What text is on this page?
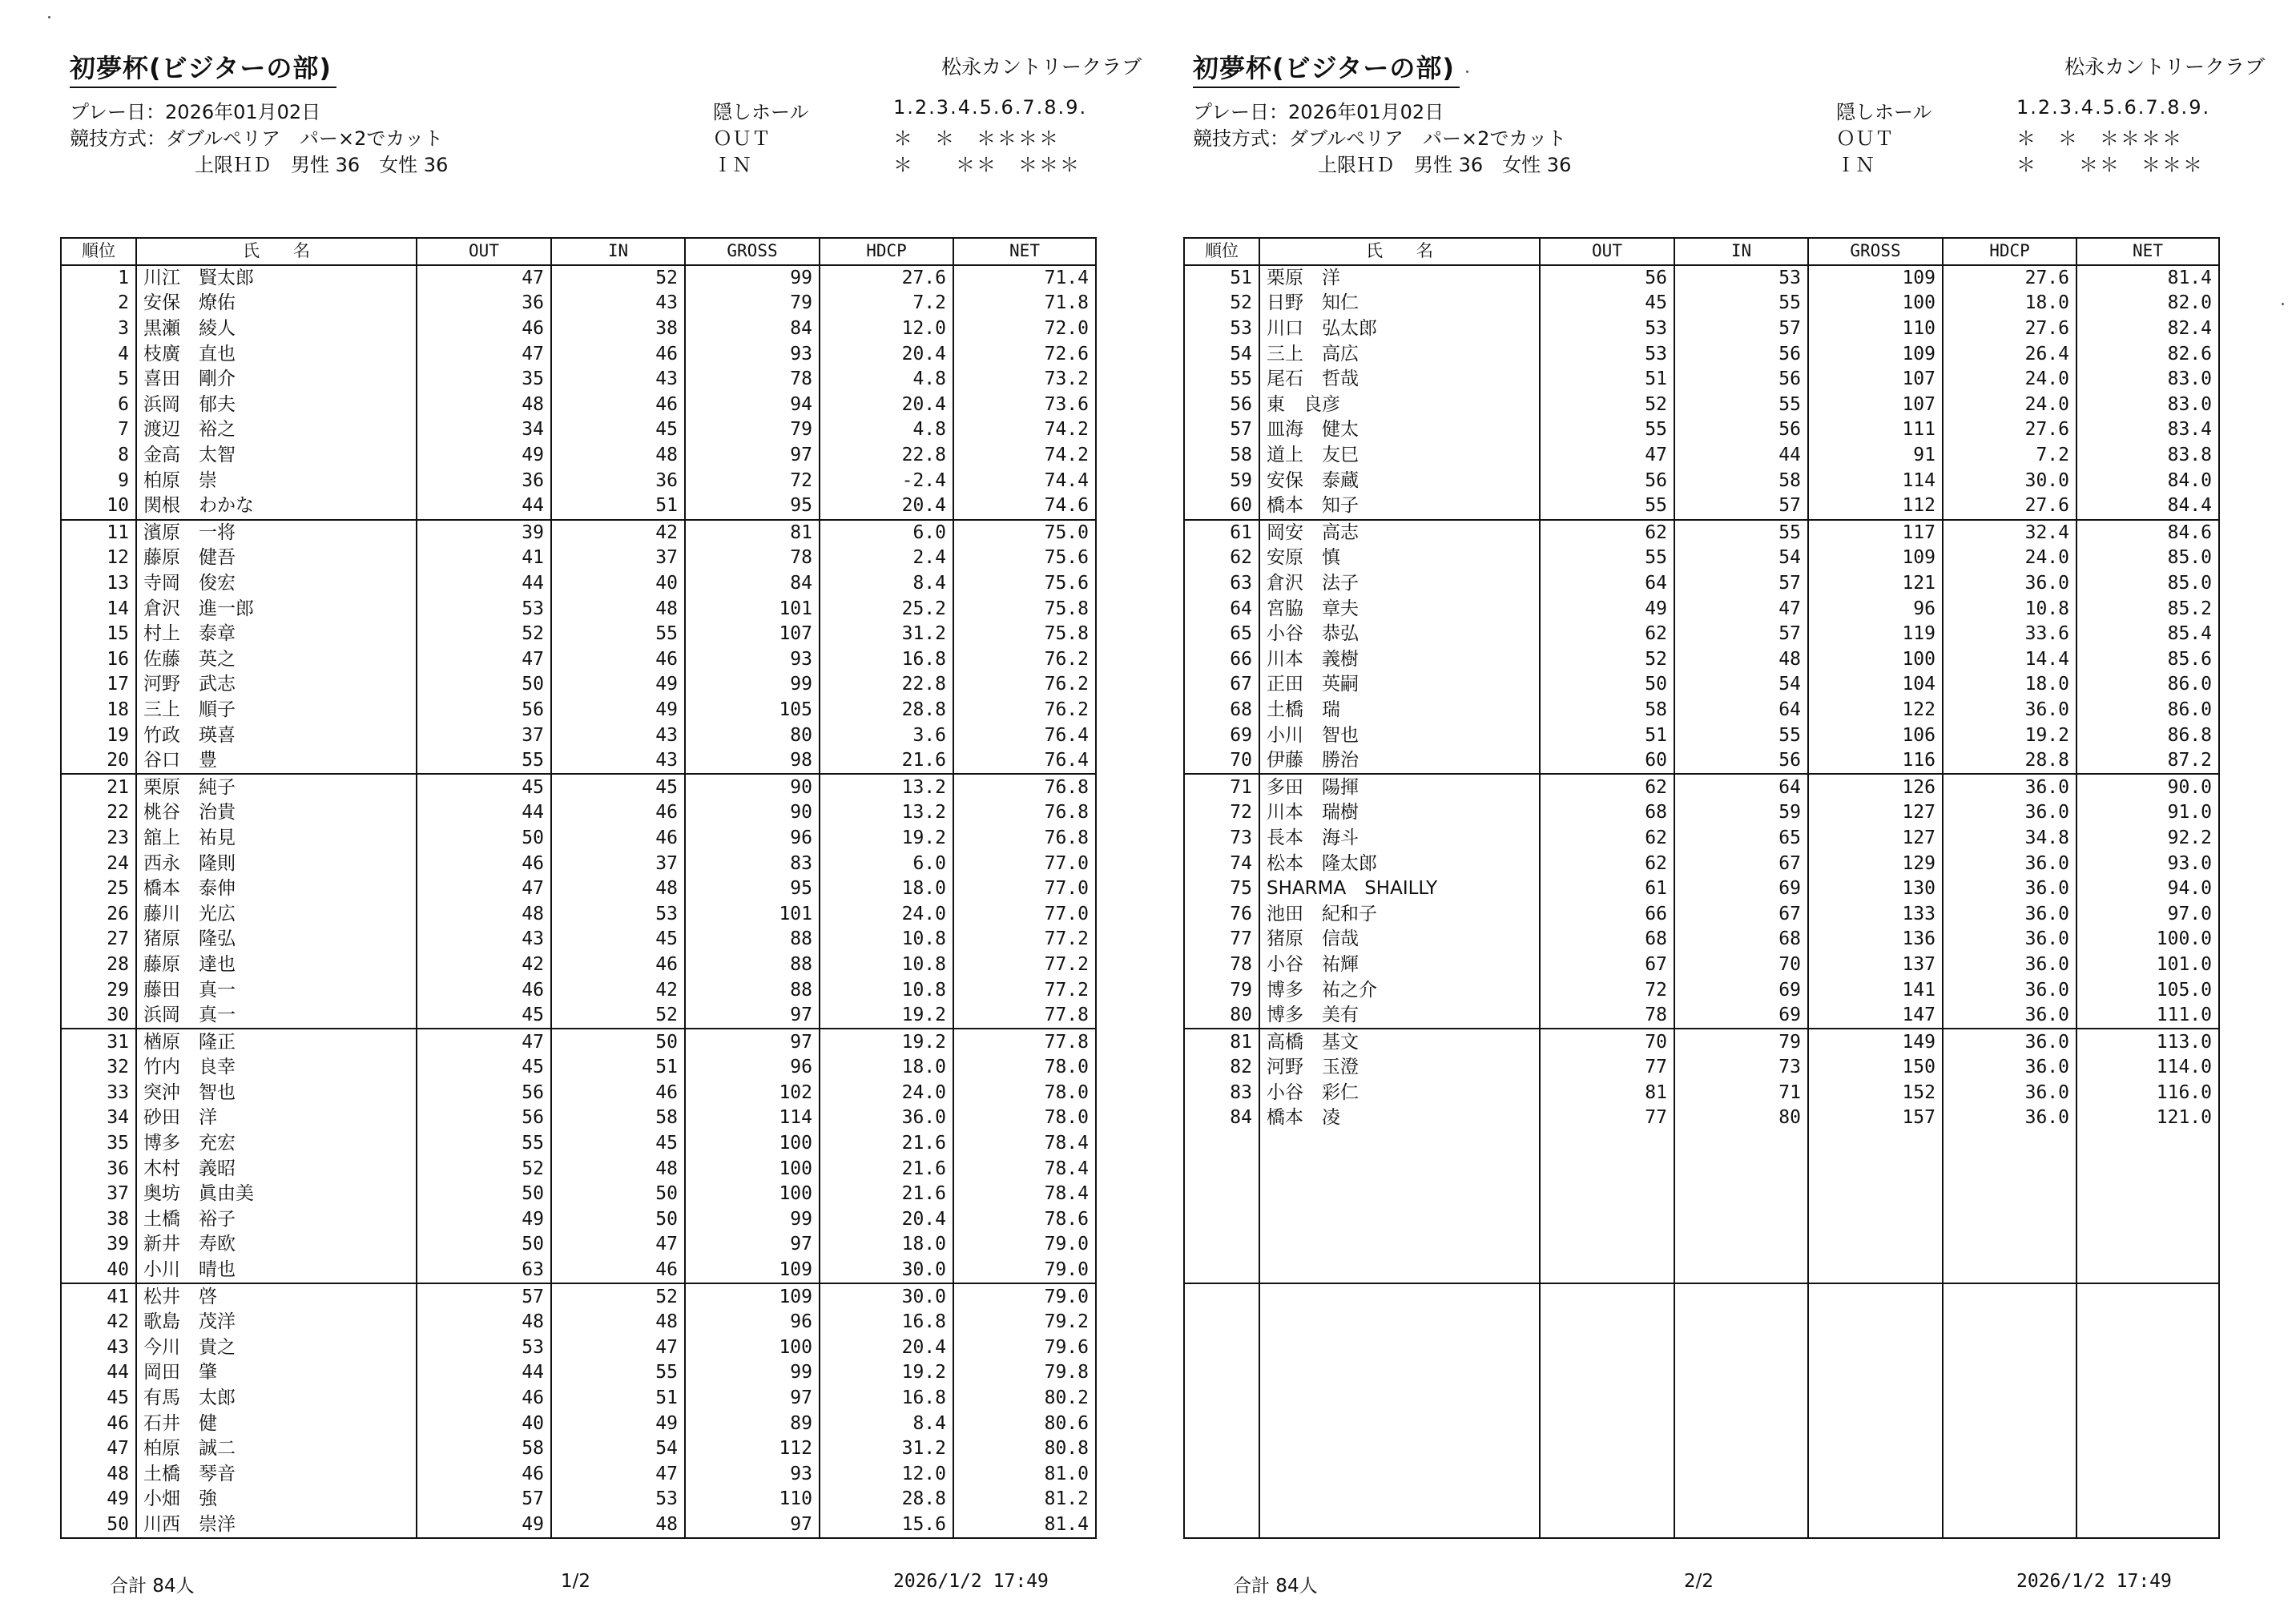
初夢杯(ビジターの部)	松永カントリークラブ
プレー日：2026年01月02日
競技方式：ダブルペリア　パー×2でカット
上限ＨＤ　男性 36　女性 36
隠しホール	1.2.3.4.5.6.7.8.9.
ＯＵＴ	＊　＊　＊＊＊＊
ＩＮ	＊　　＊＊　＊＊＊
順位	氏　　名	OUT	IN	GROSS	HDCP	NET
1	川江　賢太郎	47	52	99	27.6	71.4
2	安保　燎佑	36	43	79	7.2	71.8
3	黒瀬　綾人	46	38	84	12.0	72.0
4	枝廣　直也	47	46	93	20.4	72.6
5	喜田　剛介	35	43	78	4.8	73.2
6	浜岡　郁夫	48	46	94	20.4	73.6
7	渡辺　裕之	34	45	79	4.8	74.2
8	金高　太智	49	48	97	22.8	74.2
9	柏原　崇	36	36	72	-2.4	74.4
10	関根　わかな	44	51	95	20.4	74.6
11	濱原　一将	39	42	81	6.0	75.0
12	藤原　健吾	41	37	78	2.4	75.6
13	寺岡　俊宏	44	40	84	8.4	75.6
14	倉沢　進一郎	53	48	101	25.2	75.8
15	村上　泰章	52	55	107	31.2	75.8
16	佐藤　英之	47	46	93	16.8	76.2
17	河野　武志	50	49	99	22.8	76.2
18	三上　順子	56	49	105	28.8	76.2
19	竹政　瑛喜	37	43	80	3.6	76.4
20	谷口　豊	55	43	98	21.6	76.4
21	栗原　純子	45	45	90	13.2	76.8
22	桃谷　治貴	44	46	90	13.2	76.8
23	舘上　祐見	50	46	96	19.2	76.8
24	西永　隆則	46	37	83	6.0	77.0
25	橋本　泰伸	47	48	95	18.0	77.0
26	藤川　光広	48	53	101	24.0	77.0
27	猪原　隆弘	43	45	88	10.8	77.2
28	藤原　達也	42	46	88	10.8	77.2
29	藤田　真一	46	42	88	10.8	77.2
30	浜岡　真一	45	52	97	19.2	77.8
31	楢原　隆正	47	50	97	19.2	77.8
32	竹内　良幸	45	51	96	18.0	78.0
33	突沖　智也	56	46	102	24.0	78.0
34	砂田　洋	56	58	114	36.0	78.0
35	博多　充宏	55	45	100	21.6	78.4
36	木村　義昭	52	48	100	21.6	78.4
37	奥坊　眞由美	50	50	100	21.6	78.4
38	土橋　裕子	49	50	99	20.4	78.6
39	新井　寿欧	50	47	97	18.0	79.0
40	小川　晴也	63	46	109	30.0	79.0
41	松井　啓	57	52	109	30.0	79.0
42	歌島　茂洋	48	48	96	16.8	79.2
43	今川　貴之	53	47	100	20.4	79.6
44	岡田　肇	44	55	99	19.2	79.8
45	有馬　太郎	46	51	97	16.8	80.2
46	石井　健	40	49	89	8.4	80.6
47	柏原　誠二	58	54	112	31.2	80.8
48	土橋　琴音	46	47	93	12.0	81.0
49	小畑　強	57	53	110	28.8	81.2
50	川西　崇洋	49	48	97	15.6	81.4
合計 84人	1/2	2026/1/2 17:49
初夢杯(ビジターの部)	松永カントリークラブ
プレー日：2026年01月02日
競技方式：ダブルペリア　パー×2でカット
上限ＨＤ　男性 36　女性 36
隠しホール	1.2.3.4.5.6.7.8.9.
ＯＵＴ	＊　＊　＊＊＊＊
ＩＮ	＊　　＊＊　＊＊＊
順位	氏　　名	OUT	IN	GROSS	HDCP	NET
51	栗原　洋	56	53	109	27.6	81.4
52	日野　知仁	45	55	100	18.0	82.0
53	川口　弘太郎	53	57	110	27.6	82.4
54	三上　高広	53	56	109	26.4	82.6
55	尾石　哲哉	51	56	107	24.0	83.0
56	東　良彦	52	55	107	24.0	83.0
57	皿海　健太	55	56	111	27.6	83.4
58	道上　友巳	47	44	91	7.2	83.8
59	安保　泰蔵	56	58	114	30.0	84.0
60	橋本　知子	55	57	112	27.6	84.4
61	岡安　高志	62	55	117	32.4	84.6
62	安原　慎	55	54	109	24.0	85.0
63	倉沢　法子	64	57	121	36.0	85.0
64	宮脇　章夫	49	47	96	10.8	85.2
65	小谷　恭弘	62	57	119	33.6	85.4
66	川本　義樹	52	48	100	14.4	85.6
67	正田　英嗣	50	54	104	18.0	86.0
68	土橋　瑞	58	64	122	36.0	86.0
69	小川　智也	51	55	106	19.2	86.8
70	伊藤　勝治	60	56	116	28.8	87.2
71	多田　陽揮	62	64	126	36.0	90.0
72	川本　瑞樹	68	59	127	36.0	91.0
73	長本　海斗	62	65	127	34.8	92.2
74	松本　隆太郎	62	67	129	36.0	93.0
75	SHARMA　SHAILLY	61	69	130	36.0	94.0
76	池田　紀和子	66	67	133	36.0	97.0
77	猪原　信哉	68	68	136	36.0	100.0
78	小谷　祐輝	67	70	137	36.0	101.0
79	博多　祐之介	72	69	141	36.0	105.0
80	博多　美有	78	69	147	36.0	111.0
81	高橋　基文	70	79	149	36.0	113.0
82	河野　玉澄	77	73	150	36.0	114.0
83	小谷　彩仁	81	71	152	36.0	116.0
84	橋本　凌	77	80	157	36.0	121.0

合計 84人	2/2	2026/1/2 17:49
